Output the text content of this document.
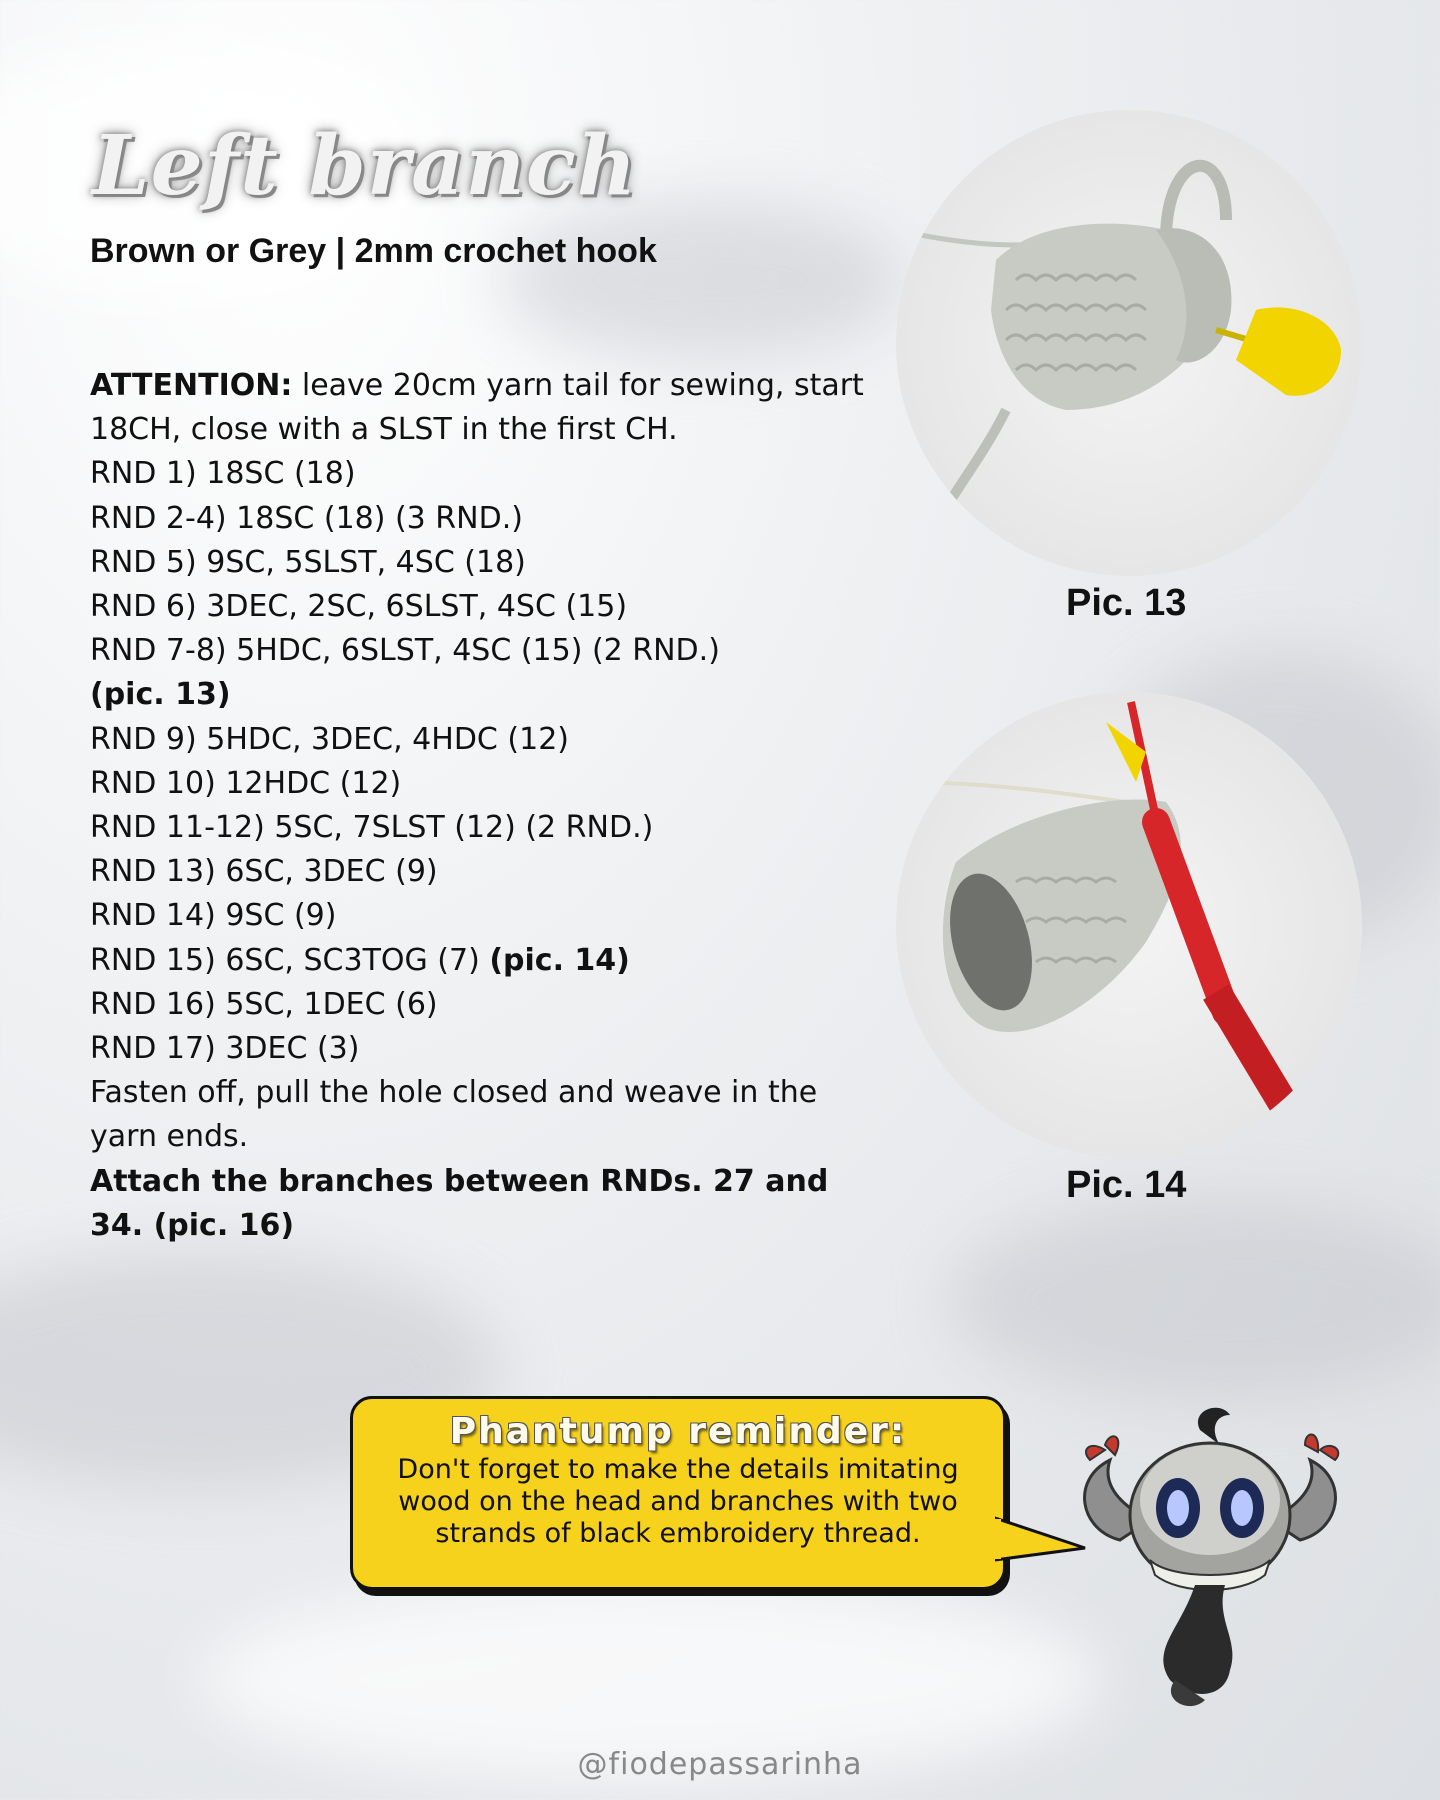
Left branch
Brown or Grey | 2mm crochet hook

ATTENTION: leave 20cm yarn tail for sewing, start 18CH, close with a SLST in the first CH.

RND 1) 18SC (18)

RND 2-4) 18SC (18) (3 RND.)

RND 5) 9SC, 5SLST, 4SC (18)

RND 6) 3DEC, 2SC, 6SLST, 4SC (15)

RND 7-8) 5HDC, 6SLST, 4SC (15) (2 RND.)

(pic. 13)

RND 9) 5HDC, 3DEC, 4HDC (12)

RND 10) 12HDC (12)

RND 11-12) 5SC, 7SLST (12) (2 RND.)

RND 13) 6SC, 3DEC (9)

RND 14) 9SC (9)

RND 15) 6SC, SC3TOG (7) (pic. 14)

RND 16) 5SC, 1DEC (6)

RND 17) 3DEC (3)

Fasten off, pull the hole closed and weave in the yarn ends.

Attach the branches between RNDs. 27 and 34. (pic. 16)

Pic. 13
Pic. 14
Phantump reminder:
Don't forget to make the details imitating wood on the head and branches with two strands of black embroidery thread.
@fiodepassarinha
